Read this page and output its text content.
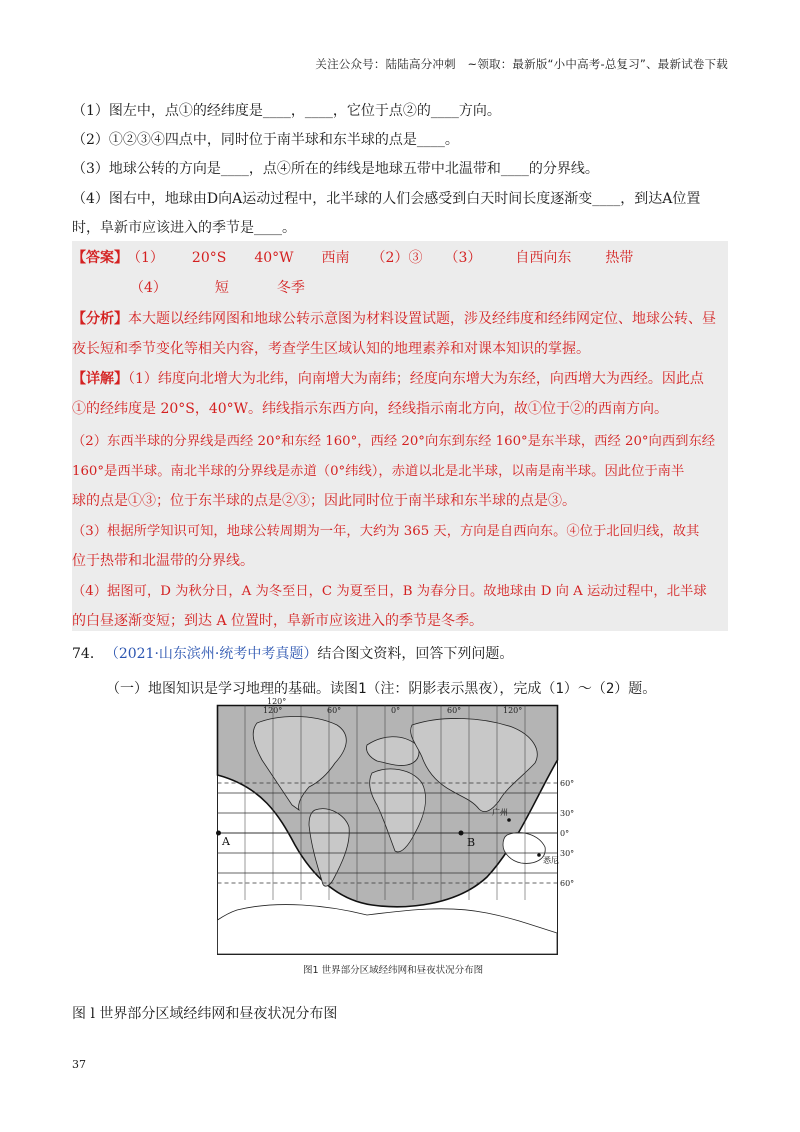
关注公众号：陆陆高分冲刺　~领取：最新版“小中高考-总复习”、最新试卷下载
（1）图左中，点①的经纬度是____，____，它位于点②的____方向。
（2）①②③④四点中，同时位于南半球和东半球的点是____。
（3）地球公转的方向是____，点④所在的纬线是地球五带中北温带和____的分界线。
（4）图右中，地球由D向A运动过程中，北半球的人们会感受到白天时间长度逐渐变____，到达A位置
时，阜新市应该进入的季节是____。
【答案】 （1） 20°S 40°W 西南 （2）③ （3） 自西向东 热带
（4）	短	冬季
【分析】本大题以经纬网图和地球公转示意图为材料设置试题，涉及经纬度和经纬网定位、地球公转、昼
夜长短和季节变化等相关内容，考查学生区域认知的地理素养和对课本知识的掌握。
【详解】（1）纬度向北增大为北纬，向南增大为南纬；经度向东增大为东经，向西增大为西经。因此点
①的经纬度是 20°S，40°W。纬线指示东西方向，经线指示南北方向，故①位于②的西南方向。
（2）东西半球的分界线是西经 20°和东经 160°，西经 20°向东到东经 160°是东半球，西经 20°向西到东经
160°是西半球。南北半球的分界线是赤道（0°纬线），赤道以北是北半球，以南是南半球。因此位于南半
球的点是①③；位于东半球的点是②③；因此同时位于南半球和东半球的点是③。
（3）根据所学知识可知，地球公转周期为一年，大约为 365 天，方向是自西向东。④位于北回归线，故其
位于热带和北温带的分界线。
（4）据图可，D 为秋分日，A 为冬至日，C 为夏至日，B 为春分日。故地球由 D 向 A 运动过程中，北半球
的白昼逐渐变短；到达 A 位置时，阜新市应该进入的季节是冬季。
74． （2021·山东滨州·统考中考真题）结合图文资料，回答下列问题。
（一）地图知识是学习地理的基础。读图1（注：阴影表示黑夜），完成（1）～（2）题。
120°
120°	60°	0°	60°	120°
60°
30°
0°
30°
60°
A	B
广州
悉尼
图1 世界部分区域经纬网和昼夜状况分布图
图 l 世界部分区域经纬网和昼夜状况分布图
37
